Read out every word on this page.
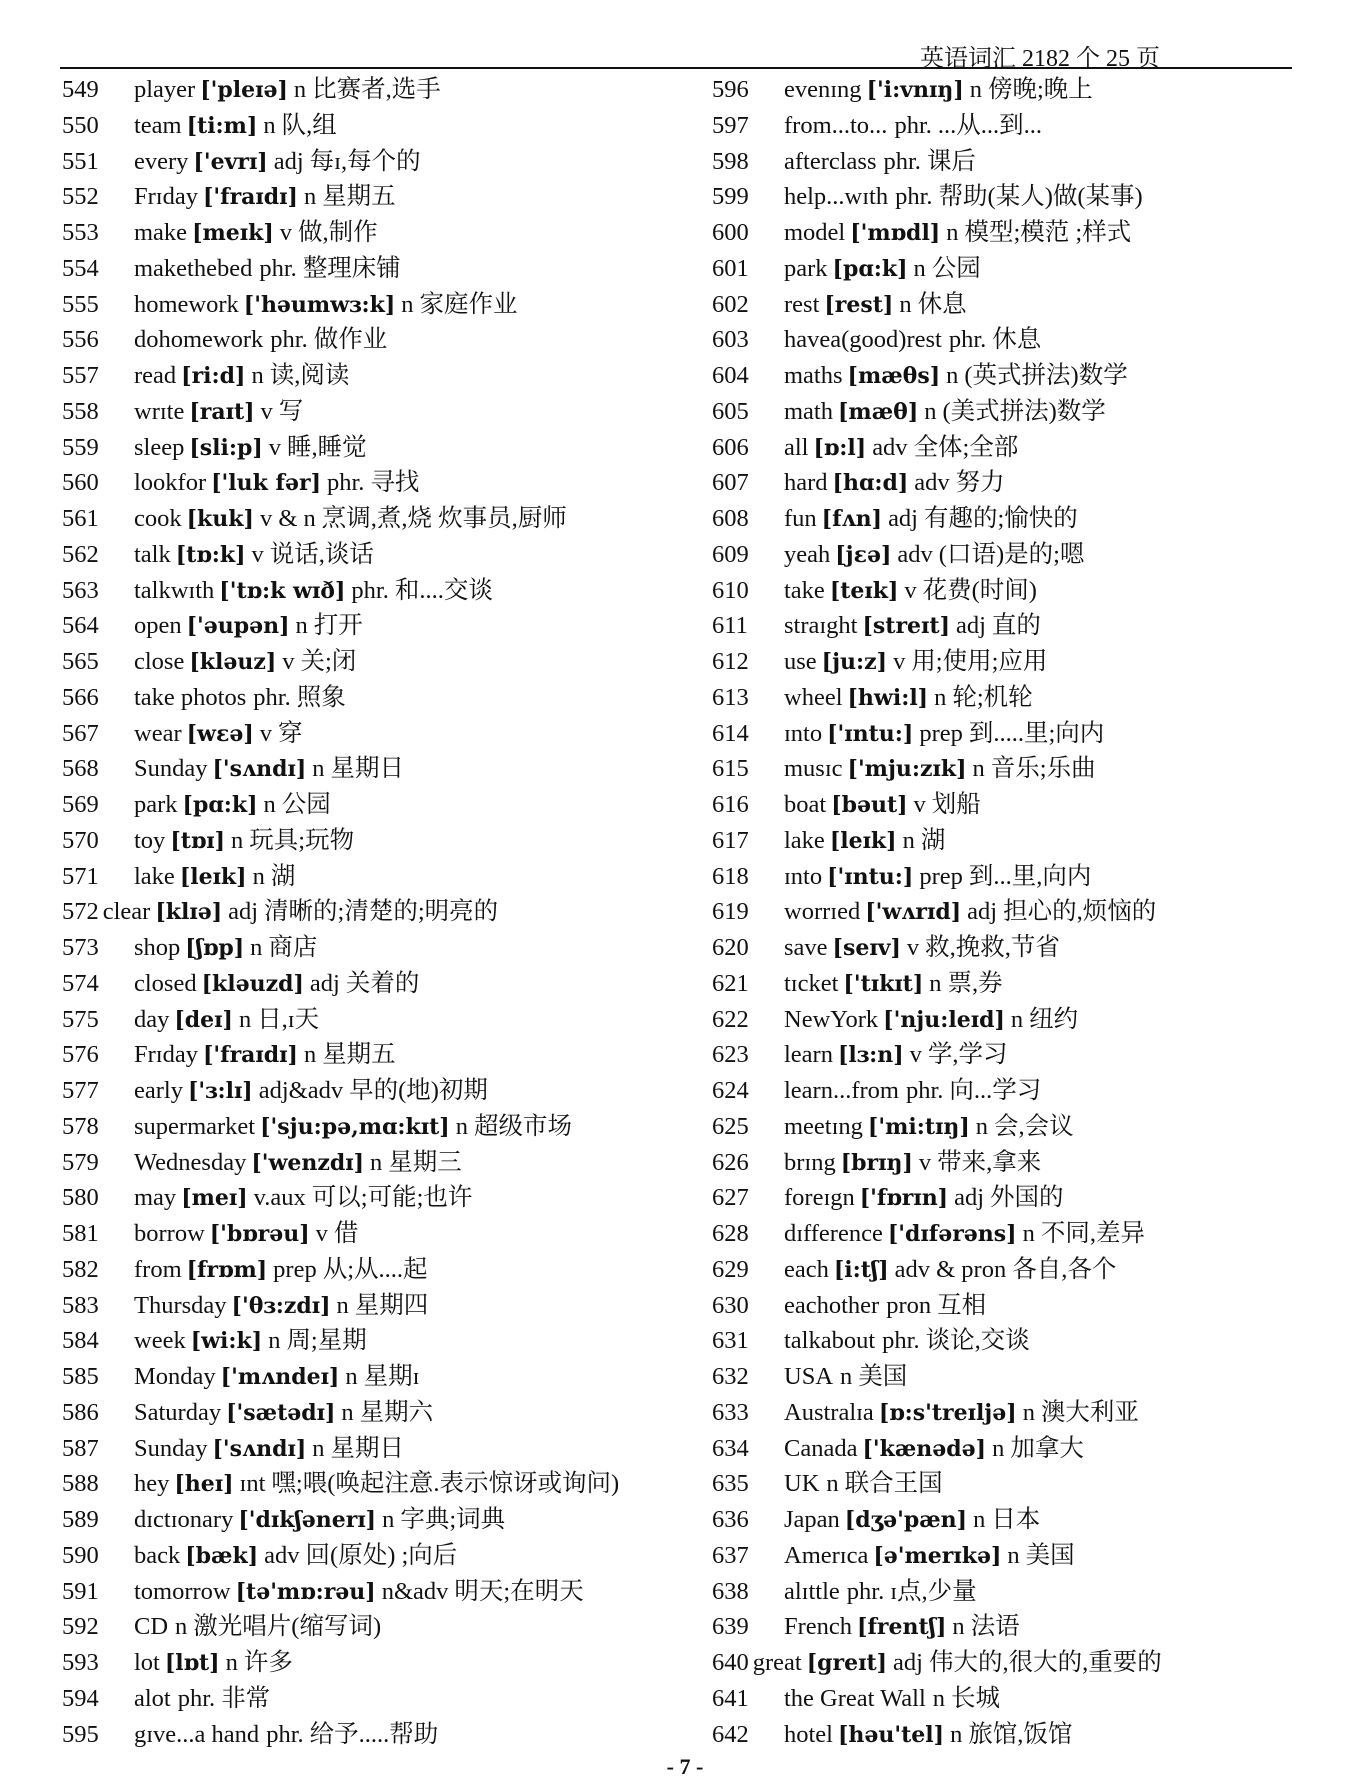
英语词汇 2182 个 25 页
549 player ['pleɪə] n 比赛者,选手
550 team [ti:m] n 队,组
551 every ['evrɪ] adj 每ɪ,每个的
552 Frɪday ['fraɪdɪ] n 星期五
553 make [meɪk] v 做,制作
554 makethebed phr. 整理床铺
555 homework ['həumwɜ:k] n 家庭作业
556 dohomework phr. 做作业
557 read [ri:d] n 读,阅读
558 wrɪte [raɪt] v 写
559 sleep [sli:p] v 睡,睡觉
560 lookfor ['luk fər] phr. 寻找
561 cook [kuk] v & n 烹调,煮,烧 炊事员,厨师
562 talk [tɒ:k] v 说话,谈话
563 talkwɪth ['tɒ:k wɪð] phr. 和....交谈
564 open ['əupən] n 打开
565 close [kləuz] v 关;闭
566 take photos phr. 照象
567 wear [wɛə] v 穿
568 Sunday ['sʌndɪ] n 星期日
569 park [pɑ:k] n 公园
570 toy [tɒɪ] n 玩具;玩物
571 lake [leɪk] n 湖
572 clear [klɪə] adj 清晰的;清楚的;明亮的
573 shop [ʃɒp] n 商店
574 closed [kləuzd] adj 关着的
575 day [deɪ] n 日,ɪ天
576 Frɪday ['fraɪdɪ] n 星期五
577 early ['ɜ:lɪ] adj&adv 早的(地)初期
578 supermarket ['sju:pə,mɑ:kɪt] n 超级市场
579 Wednesday ['wenzdɪ] n 星期三
580 may [meɪ] v.aux 可以;可能;也许
581 borrow ['bɒrəu] v 借
582 from [frɒm] prep 从;从....起
583 Thursday ['θɜ:zdɪ] n 星期四
584 week [wi:k] n 周;星期
585 Monday ['mʌndeɪ] n 星期ɪ
586 Saturday ['sætədɪ] n 星期六
587 Sunday ['sʌndɪ] n 星期日
588 hey [heɪ] ɪnt 嘿;喂(唤起注意.表示惊讶或询问)
589 dɪctɪonary ['dɪkʃənerɪ] n 字典;词典
590 back [bæk] adv 回(原处) ;向后
591 tomorrow [tə'mɒ:rəu] n&adv 明天;在明天
592 CD n 激光唱片(缩写词)
593 lot [lɒt] n 许多
594 alot phr. 非常
595 gɪve...a hand phr. 给予.....帮助
596 evenɪng ['i:vnɪŋ] n 傍晚;晚上
597 from...to... phr. ...从...到...
598 afterclass phr. 课后
599 help...wɪth phr. 帮助(某人)做(某事)
600 model ['mɒdl] n 模型;模范 ;样式
601 park [pɑ:k] n 公园
602 rest [rest] n 休息
603 havea(good)rest phr. 休息
604 maths [mæθs] n (英式拼法)数学
605 math [mæθ] n (美式拼法)数学
606 all [ɒ:l] adv 全体;全部
607 hard [hɑ:d] adv 努力
608 fun [fʌn] adj 有趣的;愉快的
609 yeah [jɛə] adv (口语)是的;嗯
610 take [teɪk] v 花费(时间)
611 straɪght [streɪt] adj 直的
612 use [ju:z] v 用;使用;应用
613 wheel [hwi:l] n 轮;机轮
614 ɪnto ['ɪntu:] prep 到.....里;向内
615 musɪc ['mju:zɪk] n 音乐;乐曲
616 boat [bəut] v 划船
617 lake [leɪk] n 湖
618 ɪnto ['ɪntu:] prep 到...里,向内
619 worrɪed ['wʌrɪd] adj 担心的,烦恼的
620 save [seɪv] v 救,挽救,节省
621 tɪcket ['tɪkɪt] n 票,券
622 NewYork ['nju:leɪd] n 纽约
623 learn [lɜ:n] v 学,学习
624 learn...from phr. 向...学习
625 meetɪng ['mi:tɪŋ] n 会,会议
626 brɪng [brɪŋ] v 带来,拿来
627 foreɪgn ['fɒrɪn] adj 外国的
628 dɪfference ['dɪfərəns] n 不同,差异
629 each [i:tʃ] adv & pron 各自,各个
630 eachother pron 互相
631 talkabout phr. 谈论,交谈
632 USA n 美国
633 Australɪa [ɒ:s'treɪljə] n 澳大利亚
634 Canada ['kænədə] n 加拿大
635 UK n 联合王国
636 Japan [dʒə'pæn] n 日本
637 Amerɪca [ə'merɪkə] n 美国
638 alɪttle phr. ɪ点,少量
639 French [frentʃ] n 法语
640 great [greɪt] adj 伟大的,很大的,重要的
641 the Great Wall n 长城
642 hotel [həu'tel] n 旅馆,饭馆
- 7 -
